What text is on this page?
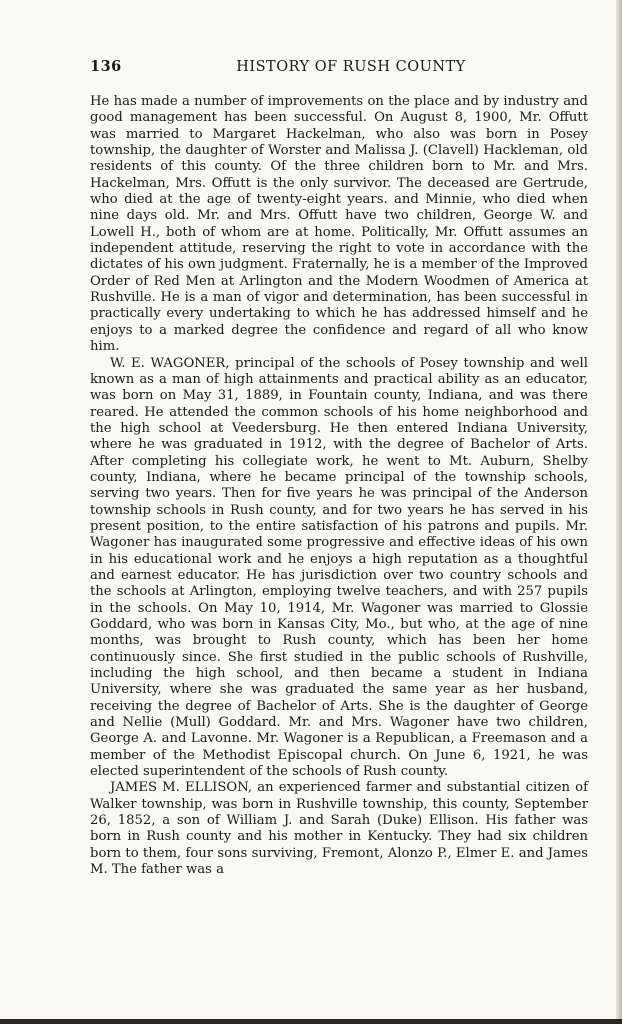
136	HISTORY OF RUSH COUNTY

He has made a number of improvements on the place and by industry and good management has been successful. On August 8, 1900, Mr. Offutt was married to Margaret Hackelman, who also was born in Posey township, the daughter of Worster and Malissa J. (Clavell) Hackleman, old residents of this county. Of the three children born to Mr. and Mrs. Hackelman, Mrs. Offutt is the only survivor. The deceased are Gertrude, who died at the age of twenty-eight years. and Minnie, who died when nine days old. Mr. and Mrs. Offutt have two children, George W. and Lowell H., both of whom are at home. Politically, Mr. Offutt assumes an independent attitude, reserving the right to vote in accordance with the dictates of his own judgment. Fraternally, he is a member of the Improved Order of Red Men at Arlington and the Modern Woodmen of America at Rushville. He is a man of vigor and determination, has been successful in practically every undertaking to which he has addressed himself and he enjoys to a marked degree the confidence and regard of all who know him.

W. E. WAGONER, principal of the schools of Posey township and well known as a man of high attainments and practical ability as an educator, was born on May 31, 1889, in Fountain county, Indiana, and was there reared. He attended the common schools of his home neighborhood and the high school at Veedersburg. He then entered Indiana University, where he was graduated in 1912, with the degree of Bachelor of Arts. After completing his collegiate work, he went to Mt. Auburn, Shelby county, Indiana, where he became principal of the township schools, serving two years. Then for five years he was principal of the Anderson township schools in Rush county, and for two years he has served in his present position, to the entire satisfaction of his patrons and pupils. Mr. Wagoner has inaugurated some progressive and effective ideas of his own in his educational work and he enjoys a high reputation as a thoughtful and earnest educator. He has jurisdiction over two country schools and the schools at Arlington, employing twelve teachers, and with 257 pupils in the schools. On May 10, 1914, Mr. Wagoner was married to Glossie Goddard, who was born in Kansas City, Mo., but who, at the age of nine months, was brought to Rush county, which has been her home continuously since. She first studied in the public schools of Rushville, including the high school, and then became a student in Indiana University, where she was graduated the same year as her husband, receiving the degree of Bachelor of Arts. She is the daughter of George and Nellie (Mull) Goddard. Mr. and Mrs. Wagoner have two children, George A. and Lavonne. Mr. Wagoner is a Republican, a Freemason and a member of the Methodist Episcopal church. On June 6, 1921, he was elected superintendent of the schools of Rush county.

JAMES M. ELLISON, an experienced farmer and substantial citizen of Walker township, was born in Rushville township, this county, September 26, 1852, a son of William J. and Sarah (Duke) Ellison. His father was born in Rush county and his mother in Kentucky. They had six children born to them, four sons surviving, Fremont, Alonzo P., Elmer E. and James M. The father was a
